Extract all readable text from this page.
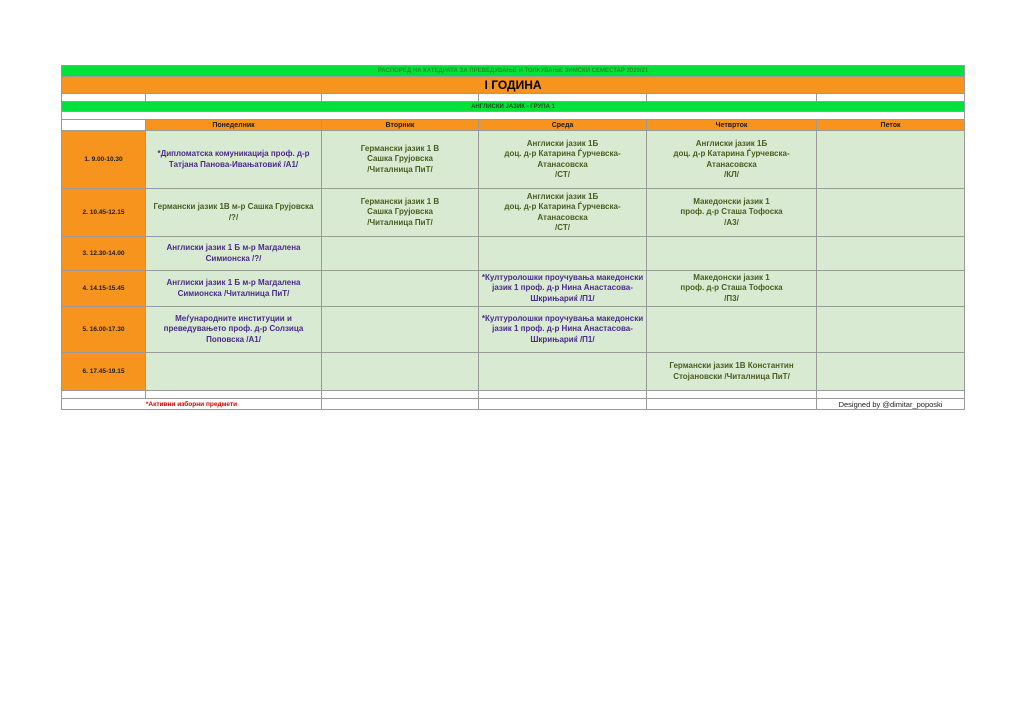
РАСПОРЕД НА КАТЕДРАТА ЗА ПРЕВЕДУВАЊЕ И ТОЛКУВАЊЕ ЗИМСКИ СЕМЕСТАР 2020/21					
I ГОДИНА					

АНГЛИСКИ ЈАЗИК - ГРУПА 1					

	Понеделник	Вторник	Среда	Четврток	Петок
1. 9.00-10.30	*Дипломатска комуникација проф. д-р Татјана Панова-Ивањатовиќ /A1/	Германски јазик 1 В
Сашка Грујовска
/Читалница ПиТ/	Англиски јазик 1Б
доц. д-р Катарина Ѓурчевска-Атанасовска
/СТ/	Англиски јазик 1Б
доц. д-р Катарина Ѓурчевска-Атанасовска
/КЛ/	
2. 10.45-12.15	Германски јазик 1В м-р Сашка Грујовска /?/	Германски јазик 1 В
Сашка Грујовска
/Читалница ПиТ/	Англиски јазик 1Б
доц. д-р Катарина Ѓурчевска-Атанасовска
/СТ/	Македонски јазик 1
проф. д-р Сташа Тофоска
/А3/	
3. 12.30-14.00	Англиски јазик 1 Б м-р Магдалена Симионска /?/				
4. 14.15-15.45	Англиски јазик 1 Б м-р Магдалена Симионска /Читалница ПиТ/		*Културолошки проучувања македонски јазик 1 проф. д-р Нина Анастасова-Шкрињариќ /П1/	Македонски јазик 1
проф. д-р Сташа Тофоска
/П3/	
5. 16.00-17.30	Меѓународните институции и преведувањето проф. д-р Солзица Поповска /A1/		*Културолошки проучувања македонски јазик 1 проф. д-р Нина Анастасова-Шкрињариќ /П1/		
6. 17.45-19.15				Германски јазик 1В Константин Стојановски /Читалница ПиТ/	

*Активни изборни предмети					Designed by @dimitar_poposki
